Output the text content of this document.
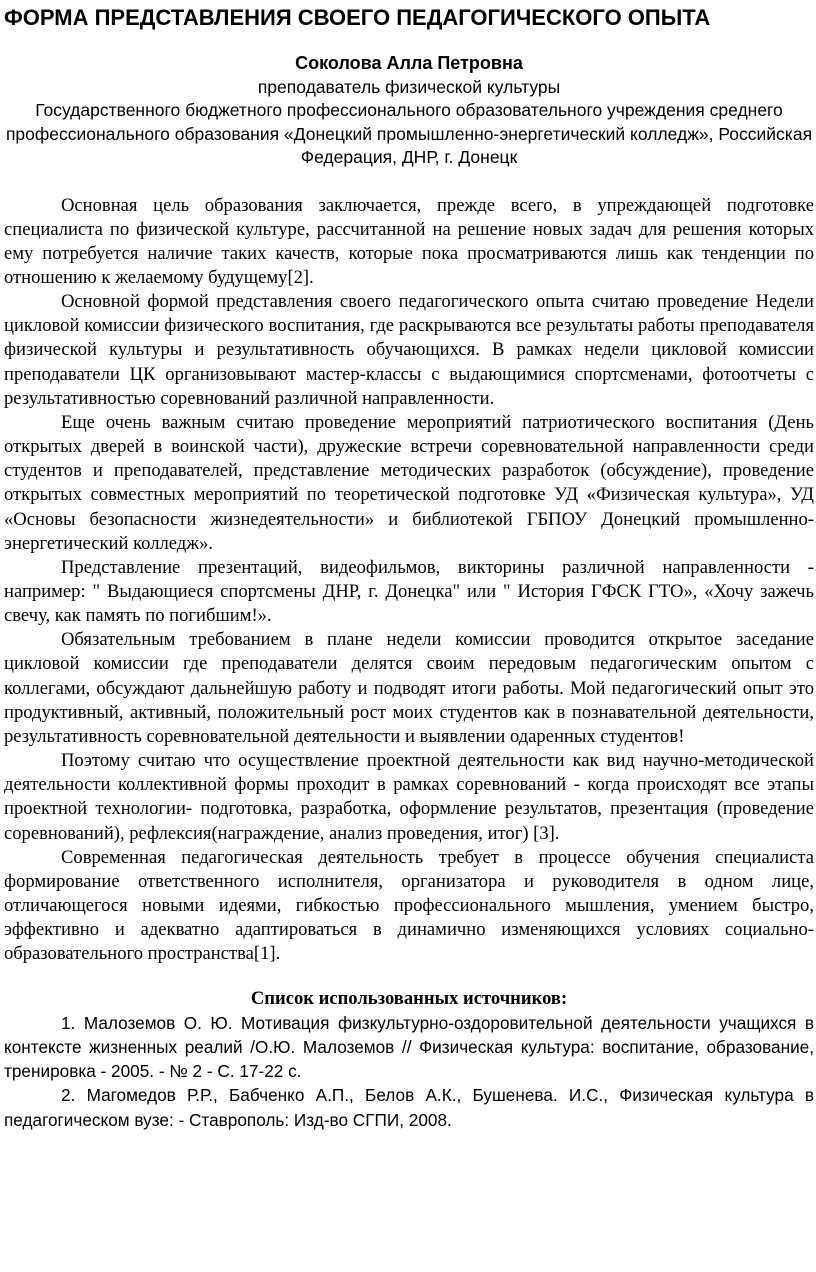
ФОРМА ПРЕДСТАВЛЕНИЯ СВОЕГО ПЕДАГОГИЧЕСКОГО ОПЫТА
Соколова Алла Петровна
преподаватель физической культуры
Государственного бюджетного профессионального образовательного учреждения среднего профессионального образования «Донецкий промышленно-энергетический колледж», Российская Федерация, ДНР, г. Донецк

Основная цель образования заключается, прежде всего, в упреждающей подготовке специалиста по физической культуре, рассчитанной на решение новых задач для решения которых ему потребуется наличие таких качеств, которые пока просматриваются лишь как тенденции по отношению к желаемому будущему[2].

Основной формой представления своего педагогического опыта считаю проведение Недели цикловой комиссии физического воспитания, где раскрываются все результаты работы преподавателя физической культуры и результативность обучающихся. В рамках недели цикловой комиссии преподаватели ЦК организовывают мастер-классы с выдающимися спортсменами, фотоотчеты с результативностью соревнований различной направленности.

Еще очень важным считаю проведение мероприятий патриотического воспитания (День открытых дверей в воинской части), дружеские встречи соревновательной направленности среди студентов и преподавателей, представление методических разработок (обсуждение), проведение открытых совместных мероприятий по теоретической подготовке УД «Физическая культура», УД «Основы безопасности жизнедеятельности» и библиотекой ГБПОУ Донецкий промышленно-энергетический колледж».

Представление презентаций, видеофильмов, викторины различной направленности - например: " Выдающиеся спортсмены ДНР, г. Донецка" или " История ГФСК ГТО», «Хочу зажечь свечу, как память по погибшим!».

Обязательным требованием в плане недели комиссии проводится открытое заседание цикловой комиссии где преподаватели делятся своим передовым педагогическим опытом с коллегами, обсуждают дальнейшую работу и подводят итоги работы. Мой педагогический опыт это продуктивный, активный, положительный рост моих студентов как в познавательной деятельности, результативность соревновательной деятельности и выявлении одаренных студентов!

Поэтому считаю что осуществление проектной деятельности как вид научно-методической деятельности коллективной формы проходит в рамках соревнований - когда происходят все этапы проектной технологии- подготовка, разработка, оформление результатов, презентация (проведение соревнований), рефлексия(награждение, анализ проведения, итог) [3].

Современная педагогическая деятельность требует в процессе обучения специалиста формирование ответственного исполнителя, организатора и руководителя в одном лице, отличающегося новыми идеями, гибкостью профессионального мышления, умением быстро, эффективно и адекватно адаптироваться в динамично изменяющихся условиях социально-образовательного пространства[1].

Список использованных источников:
1. Малоземов О. Ю. Мотивация физкультурно-оздоровительной деятельности учащихся в контексте жизненных реалий /О.Ю. Малоземов // Физическая культура: воспитание, образование, тренировка - 2005. - № 2 - С. 17-22 с.
2. Магомедов Р.Р., Бабченко А.П., Белов А.К., Бушенева. И.С., Физическая культура в педагогическом вузе: - Ставрополь: Изд-во СГПИ, 2008.
